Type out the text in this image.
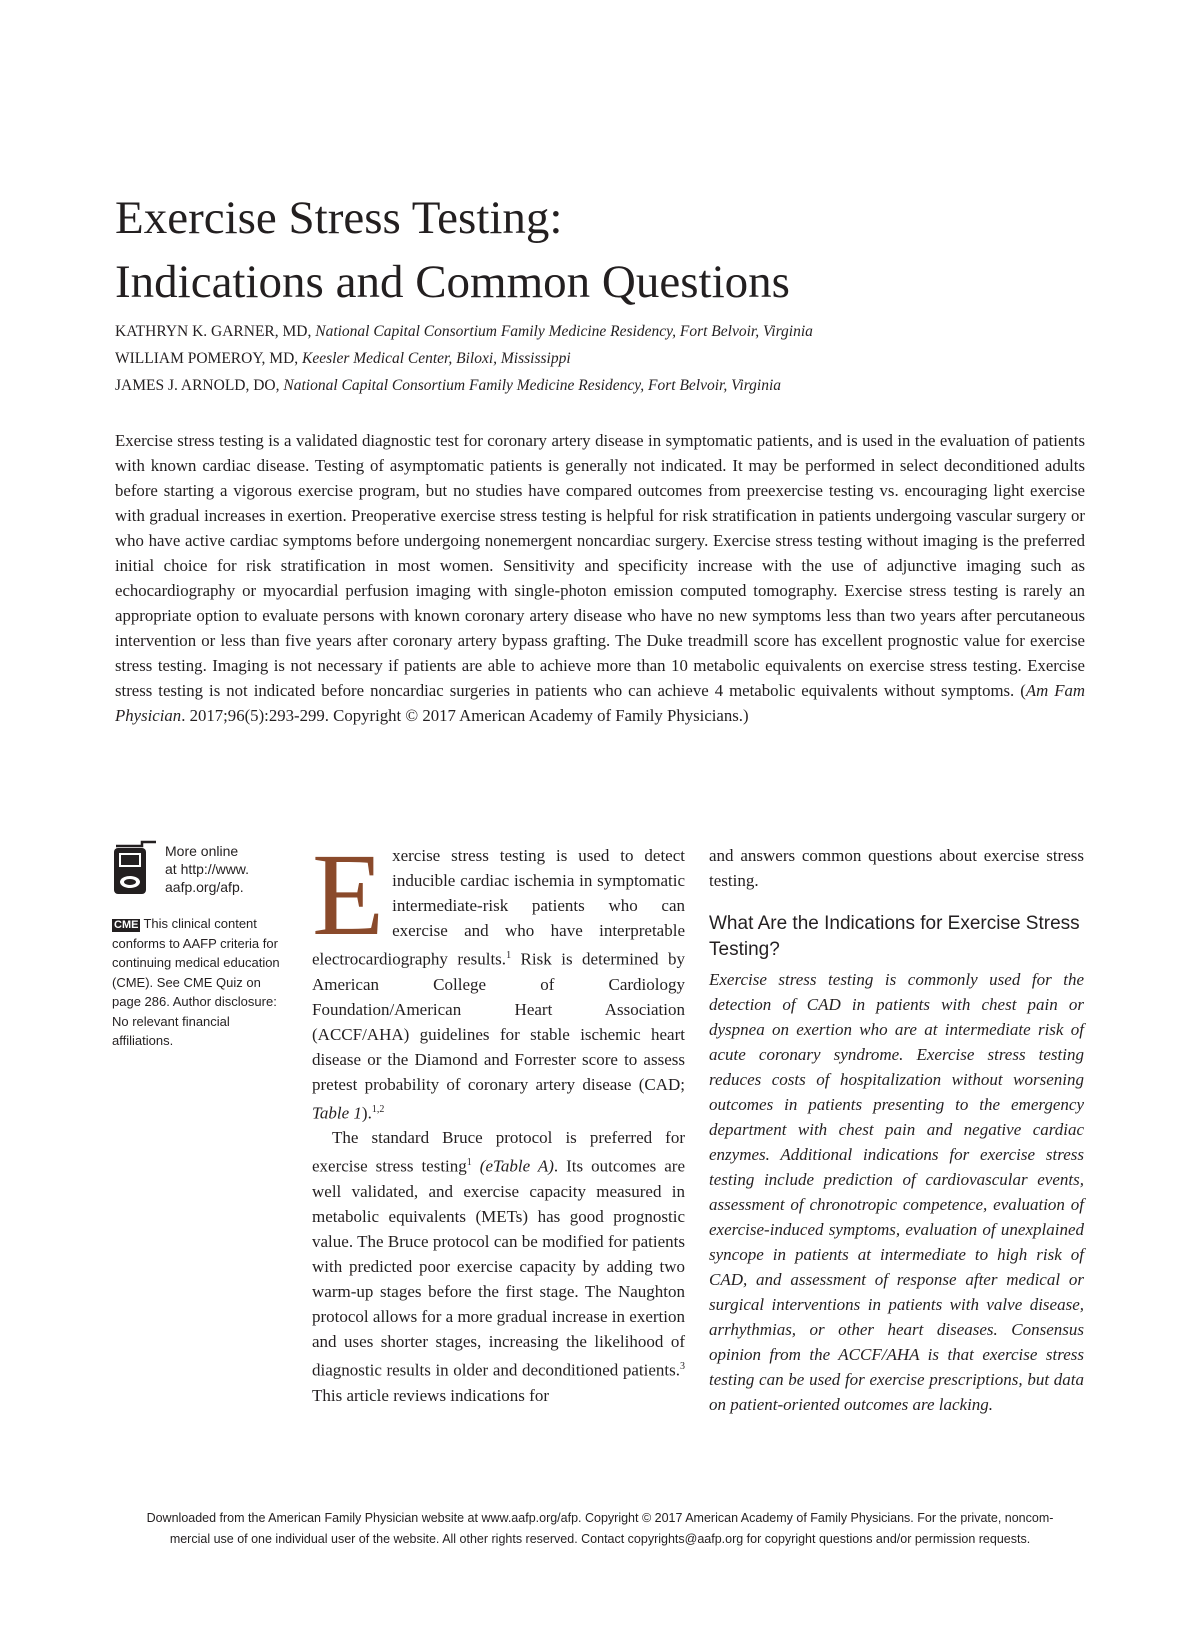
Exercise Stress Testing:
Indications and Common Questions
KATHRYN K. GARNER, MD, National Capital Consortium Family Medicine Residency, Fort Belvoir, Virginia
WILLIAM POMEROY, MD, Keesler Medical Center, Biloxi, Mississippi
JAMES J. ARNOLD, DO, National Capital Consortium Family Medicine Residency, Fort Belvoir, Virginia
Exercise stress testing is a validated diagnostic test for coronary artery disease in symptomatic patients, and is used in the evaluation of patients with known cardiac disease. Testing of asymptomatic patients is generally not indicated. It may be performed in select deconditioned adults before starting a vigorous exercise program, but no studies have compared outcomes from preexercise testing vs. encouraging light exercise with gradual increases in exertion. Preoperative exercise stress testing is helpful for risk stratification in patients undergoing vascular surgery or who have active cardiac symptoms before undergoing nonemergent noncardiac surgery. Exercise stress testing without imaging is the preferred initial choice for risk stratification in most women. Sensitivity and specificity increase with the use of adjunctive imaging such as echocardiography or myocardial perfusion imaging with single-photon emission computed tomography. Exercise stress testing is rarely an appropriate option to evaluate persons with known coronary artery disease who have no new symptoms less than two years after percutaneous intervention or less than five years after coronary artery bypass grafting. The Duke treadmill score has excellent prognostic value for exercise stress testing. Imaging is not necessary if patients are able to achieve more than 10 metabolic equivalents on exercise stress testing. Exercise stress testing is not indicated before noncardiac surgeries in patients who can achieve 4 metabolic equivalents without symptoms. (Am Fam Physician. 2017;96(5):293-299. Copyright © 2017 American Academy of Family Physicians.)
More online
at http://www.
aafp.org/afp.
CME This clinical content conforms to AAFP criteria for continuing medical education (CME). See CME Quiz on page 286. Author disclosure: No relevant financial affiliations.

Exercise stress testing is used to detect inducible cardiac ischemia in symptomatic intermediate-risk patients who can exercise and who have interpretable electrocardiography results.$^1$ Risk is determined by American College of Cardiology Foundation/American Heart Association (ACCF/AHA) guidelines for stable ischemic heart disease or the Diamond and Forrester score to assess pretest probability of coronary artery disease (CAD; Table 1).$^{1,2}$

The standard Bruce protocol is preferred for exercise stress testing$^1$ (eTable A). Its outcomes are well validated, and exercise capacity measured in metabolic equivalents (METs) has good prognostic value. The Bruce protocol can be modified for patients with predicted poor exercise capacity by adding two warm-up stages before the first stage. The Naughton protocol allows for a more gradual increase in exertion and uses shorter stages, increasing the likelihood of diagnostic results in older and deconditioned patients.$^3$ This article reviews indications for

and answers common questions about exercise stress testing.

What Are the Indications for Exercise Stress Testing?

Exercise stress testing is commonly used for the detection of CAD in patients with chest pain or dyspnea on exertion who are at intermediate risk of acute coronary syndrome. Exercise stress testing reduces costs of hospitalization without worsening outcomes in patients presenting to the emergency department with chest pain and negative cardiac enzymes. Additional indications for exercise stress testing include prediction of cardiovascular events, assessment of chronotropic competence, evaluation of exercise-induced symptoms, evaluation of unexplained syncope in patients at intermediate to high risk of CAD, and assessment of response after medical or surgical interventions in patients with valve disease, arrhythmias, or other heart diseases. Consensus opinion from the ACCF/AHA is that exercise stress testing can be used for exercise prescriptions, but data on patient-oriented outcomes are lacking.

Downloaded from the American Family Physician website at www.aafp.org/afp. Copyright © 2017 American Academy of Family Physicians. For the private, noncom-
mercial use of one individual user of the website. All other rights reserved. Contact copyrights@aafp.org for copyright questions and/or permission requests.
